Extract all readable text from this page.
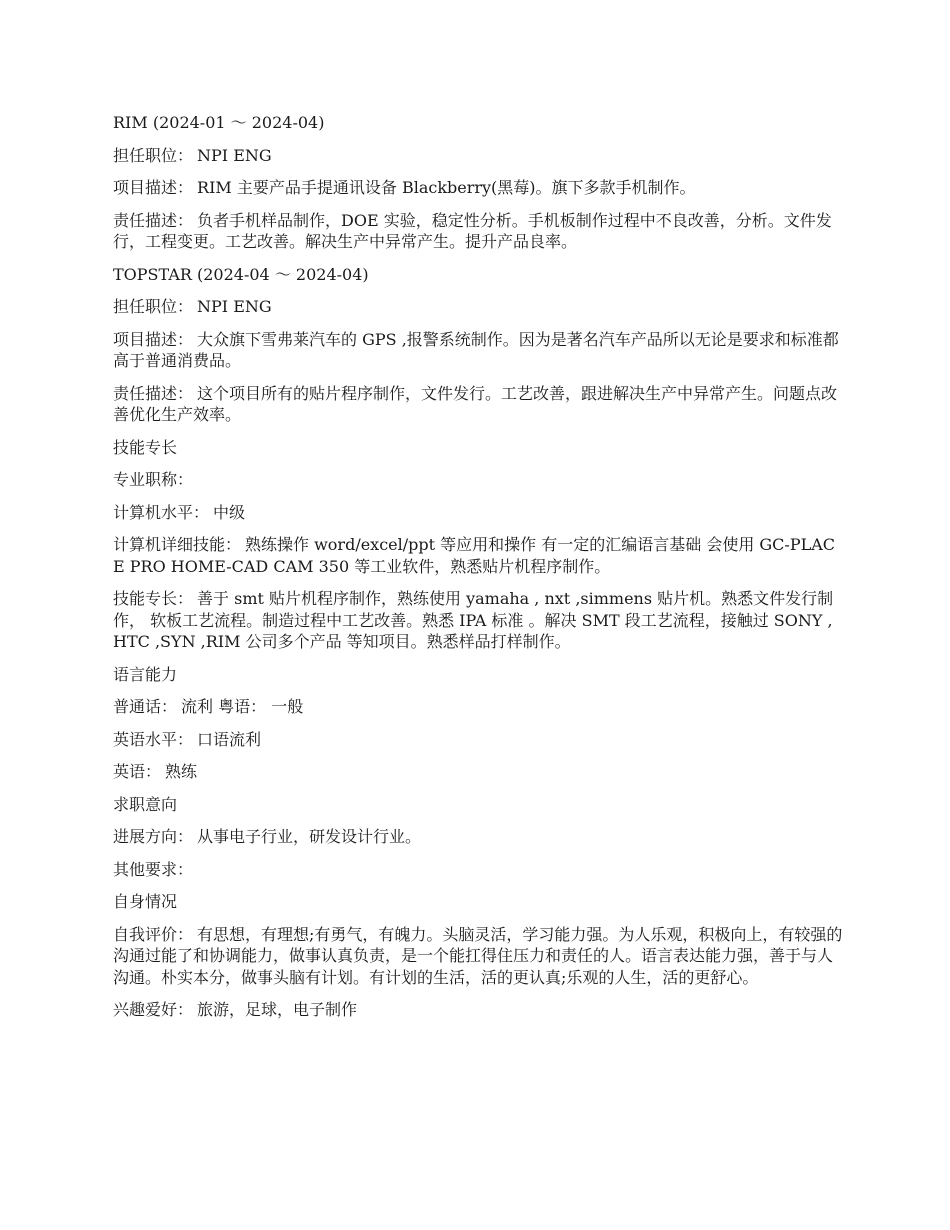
RIM (2024-01 ～ 2024-04)

担任职位： NPI ENG

项目描述： RIM 主要产品手提通讯设备 Blackberry(黑莓)。旗下多款手机制作。

责任描述： 负者手机样品制作，DOE 实验，稳定性分析。手机板制作过程中不良改善，分析。文件发行，工程变更。工艺改善。解决生产中异常产生。提升产品良率。

TOPSTAR (2024-04 ～ 2024-04)

担任职位： NPI ENG

项目描述： 大众旗下雪弗莱汽车的 GPS ,报警系统制作。因为是著名汽车产品所以无论是要求和标准都高于普通消费品。

责任描述： 这个项目所有的贴片程序制作，文件发行。工艺改善，跟进解决生产中异常产生。问题点改善优化生产效率。

技能专长

专业职称：

计算机水平： 中级

计算机详细技能： 熟练操作 word/excel/ppt 等应用和操作 有一定的汇编语言基础 会使用 GC-PLACE PRO HOME-CAD CAM 350 等工业软件，熟悉贴片机程序制作。

技能专长： 善于 smt 贴片机程序制作，熟练使用 yamaha , nxt ,simmens 贴片机。熟悉文件发行制作， 软板工艺流程。制造过程中工艺改善。熟悉 IPA 标准 。解决 SMT 段工艺流程，接触过 SONY ,HTC ,SYN ,RIM 公司多个产品 等知项目。熟悉样品打样制作。

语言能力

普通话： 流利 粤语： 一般

英语水平： 口语流利

英语： 熟练

求职意向

进展方向： 从事电子行业，研发设计行业。

其他要求：

自身情况

自我评价： 有思想，有理想;有勇气，有魄力。头脑灵活，学习能力强。为人乐观，积极向上，有较强的沟通过能了和协调能力，做事认真负责，是一个能扛得住压力和责任的人。语言表达能力强，善于与人沟通。朴实本分，做事头脑有计划。有计划的生活，活的更认真;乐观的人生，活的更舒心。

兴趣爱好： 旅游，足球，电子制作
